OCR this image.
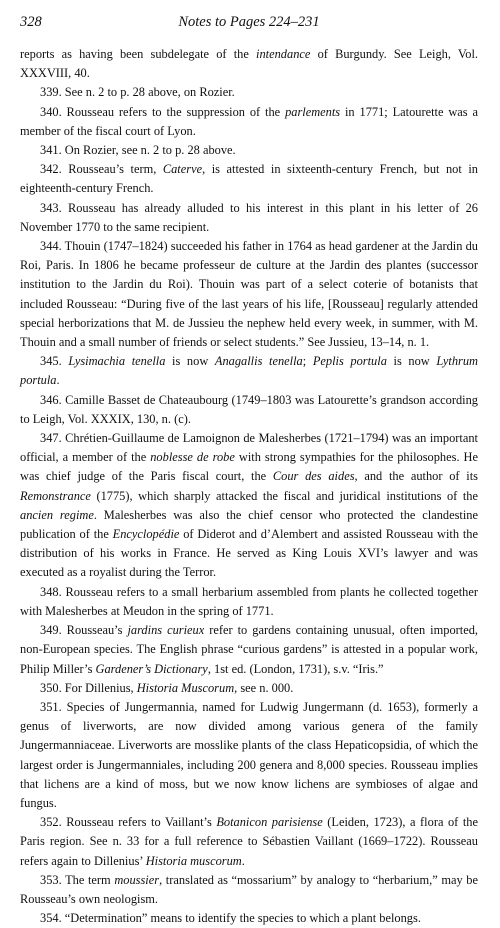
328	Notes to Pages 224–231

reports as having been subdelegate of the intendance of Burgundy. See Leigh, Vol. XXXVIII, 40.

339. See n. 2 to p. 28 above, on Rozier.

340. Rousseau refers to the suppression of the parlements in 1771; Latourette was a member of the fiscal court of Lyon.

341. On Rozier, see n. 2 to p. 28 above.

342. Rousseau’s term, Caterve, is attested in sixteenth-century French, but not in eighteenth-century French.

343. Rousseau has already alluded to his interest in this plant in his letter of 26 November 1770 to the same recipient.

344. Thouin (1747–1824) succeeded his father in 1764 as head gardener at the Jardin du Roi, Paris. In 1806 he became professeur de culture at the Jardin des plantes (successor institution to the Jardin du Roi). Thouin was part of a select coterie of botanists that included Rousseau: “During five of the last years of his life, [Rousseau] regularly attended special herborizations that M. de Jussieu the nephew held every week, in summer, with M. Thouin and a small number of friends or select students.” See Jussieu, 13–14, n. 1.

345. Lysimachia tenella is now Anagallis tenella; Peplis portula is now Lythrum portula.

346. Camille Basset de Chateaubourg (1749–1803 was Latourette’s grandson according to Leigh, Vol. XXXIX, 130, n. (c).

347. Chrétien-Guillaume de Lamoignon de Malesherbes (1721–1794) was an important official, a member of the noblesse de robe with strong sympathies for the philosophes. He was chief judge of the Paris fiscal court, the Cour des aides, and the author of its Remonstrance (1775), which sharply attacked the fiscal and juridical institutions of the ancien regime. Malesherbes was also the chief censor who protected the clandestine publication of the Encyclopédie of Diderot and d’Alembert and assisted Rousseau with the distribution of his works in France. He served as King Louis XVI’s lawyer and was executed as a royalist during the Terror.

348. Rousseau refers to a small herbarium assembled from plants he collected together with Malesherbes at Meudon in the spring of 1771.

349. Rousseau’s jardins curieux refer to gardens containing unusual, often imported, non-European species. The English phrase “curious gardens” is attested in a popular work, Philip Miller’s Gardener’s Dictionary, 1st ed. (London, 1731), s.v. “Iris.”

350. For Dillenius, Historia Muscorum, see n. 000.

351. Species of Jungermannia, named for Ludwig Jungermann (d. 1653), formerly a genus of liverworts, are now divided among various genera of the family Jungermanniaceae. Liverworts are mosslike plants of the class Hepaticopsidia, of which the largest order is Jungermanniales, including 200 genera and 8,000 species. Rousseau implies that lichens are a kind of moss, but we now know lichens are symbioses of algae and fungus.

352. Rousseau refers to Vaillant’s Botanicon parisiense (Leiden, 1723), a flora of the Paris region. See n. 33 for a full reference to Sébastien Vaillant (1669–1722). Rousseau refers again to Dillenius’ Historia muscorum.

353. The term moussier, translated as “mossarium” by analogy to “herbarium,” may be Rousseau’s own neologism.

354. “Determination” means to identify the species to which a plant belongs.
